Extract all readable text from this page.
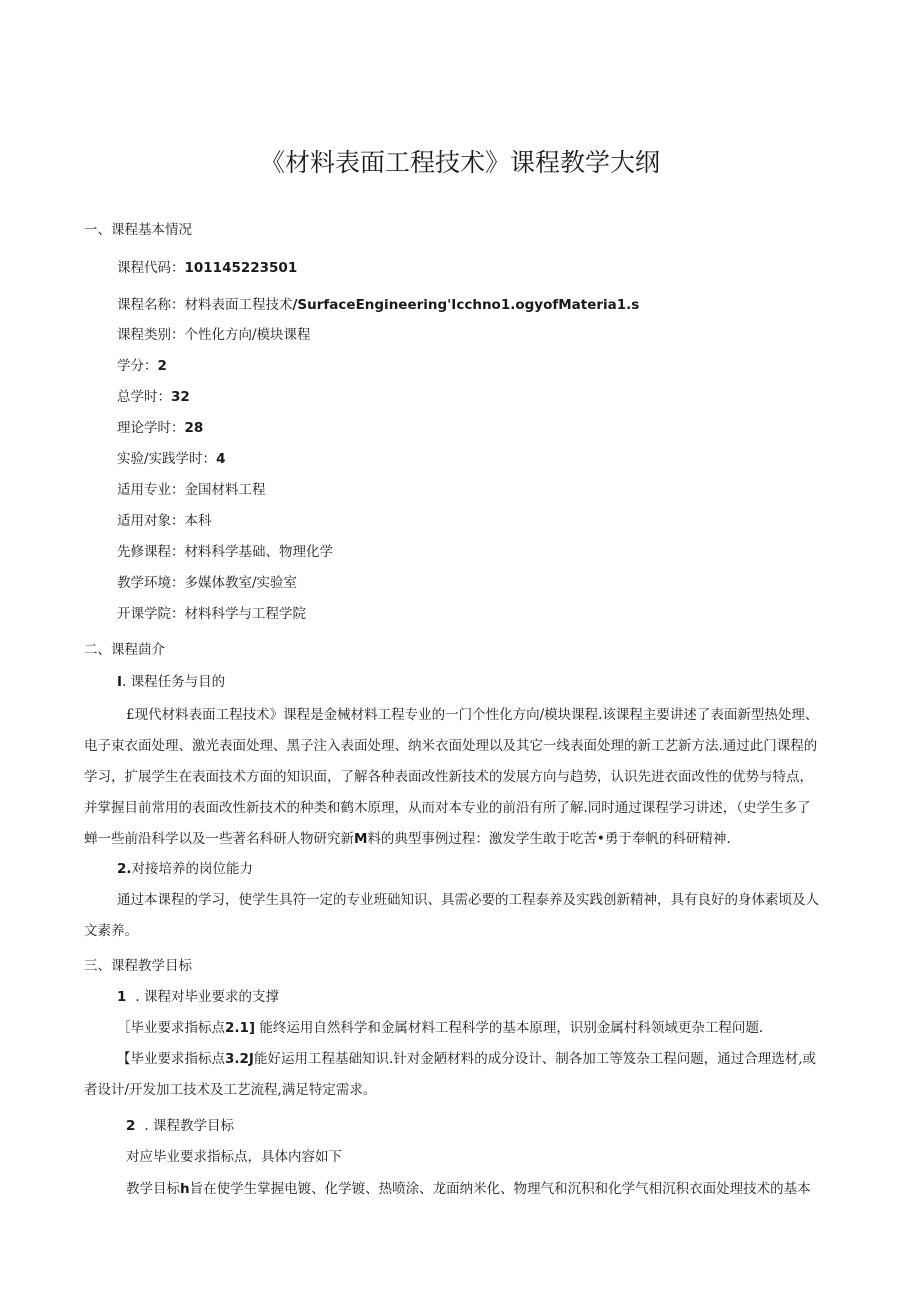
《材料表面工程技术》课程教学大纲
一、课程基本情况
课程代码：101145223501
课程名称：材料表面工程技术/SurfaceEngineering'Icchno1.ogyofMateria1.s
课程类别：个性化方向/模块课程
学分：2
总学时：32
理论学时：28
实验/实践学时：4
适用专业：金国材料工程
适用对象：本科
先修课程：材料科学基础、物理化学
教学环境：多媒体教室/实验室
开课学院：材料科学与工程学院
二、课程茴介
I. 课程任务与目的
£现代材料表面工程技术》课程是金械材料工程专业的一门个性化方向/模块课程.该课程主要讲述了表面新型热处理、
电子束衣面处理、激光表面处理、黑子注入表面处理、纳米衣面处理以及其它一线表面处理的新工艺新方法.通过此门课程的
学习，扩展学生在表面技术方面的知识面，了解各种表面改性新技术的发展方向与趋势，认识先进衣面改性的优势与特点，
并掌握目前常用的表面改性新技术的种类和鹤木原理，从而对本专业的前沿有所了解.同时通过课程学习讲述，（史学生多了
蝉一些前沿科学以及一些著名科研人物研究新M料的典型事例过程：激发学生敢于吃苦•勇于奉帆的科研精神.
2.对接培养的岗位能力
通过本课程的学习，使学生具符一定的专业班础知识、具需必要的工程泰养及实践创新精神，具有良好的身体素顷及人
文素养。
三、课程教学目标
1 . 课程对毕业要求的支撑
［毕业要求指标点2.1] 能终运用自然科学和金属材料工程科学的基本原理，识别金属村科领域更杂工程问题.
【毕业要求指标点3.2J能好运用工程基础知识.针对金陋材料的成分设计、制各加工等笈杂工程问题，通过合理选材,或
者设计/开发加工技术及工艺流程,满足特定需求。
2 . 课程教学目标
对应毕业要求指标点，具体内容如下
教学目标h旨在使学生掌握电镀、化学镀、热喷涂、龙面纳米化、物理气和沉积和化学气相沉积衣面处理技术的基本
